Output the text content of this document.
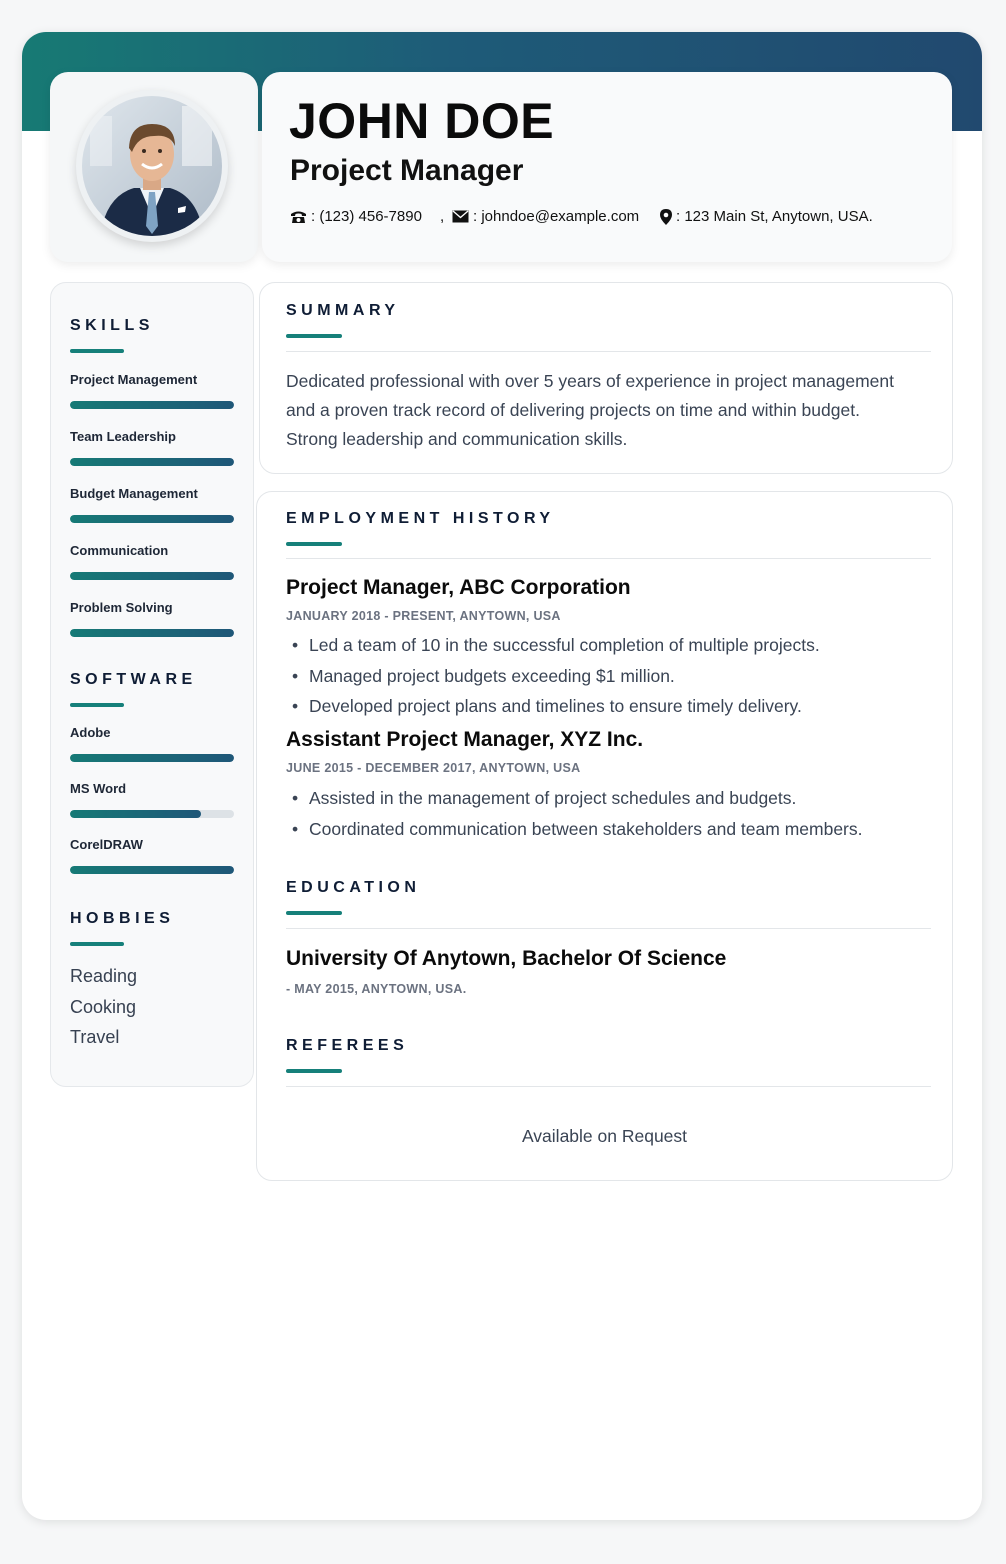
JOHN DOE
Project Manager
: (123) 456-7890 , : johndoe@example.com : 123 Main St, Anytown, USA.
SKILLS
Project Management
Team Leadership
Budget Management
Communication
Problem Solving
SOFTWARE
Adobe
MS Word
CorelDRAW
HOBBIES
Reading
Cooking
Travel
SUMMARY

Dedicated professional with over 5 years of experience in project management and a proven track record of delivering projects on time and within budget. Strong leadership and communication skills.

EMPLOYMENT HISTORY
Project Manager, ABC Corporation

JANUARY 2018 - PRESENT, ANYTOWN, USA

• Led a team of 10 in the successful completion of multiple projects.
• Managed project budgets exceeding $1 million.
• Developed project plans and timelines to ensure timely delivery.
Assistant Project Manager, XYZ Inc.

JUNE 2015 - DECEMBER 2017, ANYTOWN, USA

• Assisted in the management of project schedules and budgets.
• Coordinated communication between stakeholders and team members.
EDUCATION
University Of Anytown, Bachelor Of Science

- MAY 2015, ANYTOWN, USA.

REFEREES

Available on Request
